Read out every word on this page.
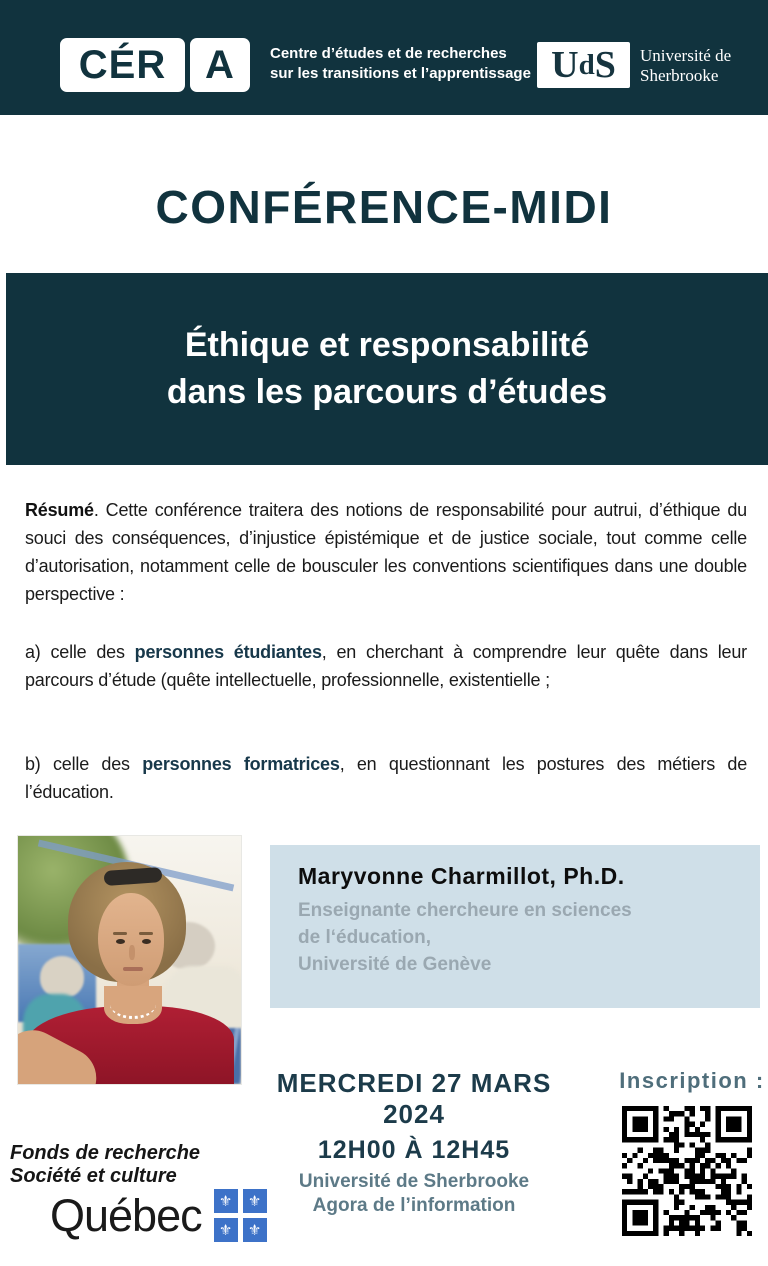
CÉR A Centre d’études et de recherches
sur les transitions et l’apprentissage U d S Université de
Sherbrooke
CONFÉRENCE-MIDI
Éthique et responsabilité
dans les parcours d’études
Résumé. Cette conférence traitera des notions de responsabilité pour autrui, d’éthique du souci des conséquences, d’injustice épistémique et de justice sociale, tout comme celle d’autorisation, notamment celle de bousculer les conventions scientifiques dans une double perspective :
a) celle des personnes étudiantes, en cherchant à comprendre leur quête dans leur parcours d’étude (quête intellectuelle, professionnelle, existentielle ;
b) celle des personnes formatrices, en questionnant les postures des métiers de l’éducation.
Maryvonne Charmillot, Ph.D.
Enseignante chercheure en sciences
de l‘éducation,
Université de Genève
MERCREDI 27 MARS 2024
12H00 À 12H45
Université de Sherbrooke
Agora de l’information
Inscription :
Fonds de recherche
Société et culture
Québec	⚜	⚜
⚜	⚜
